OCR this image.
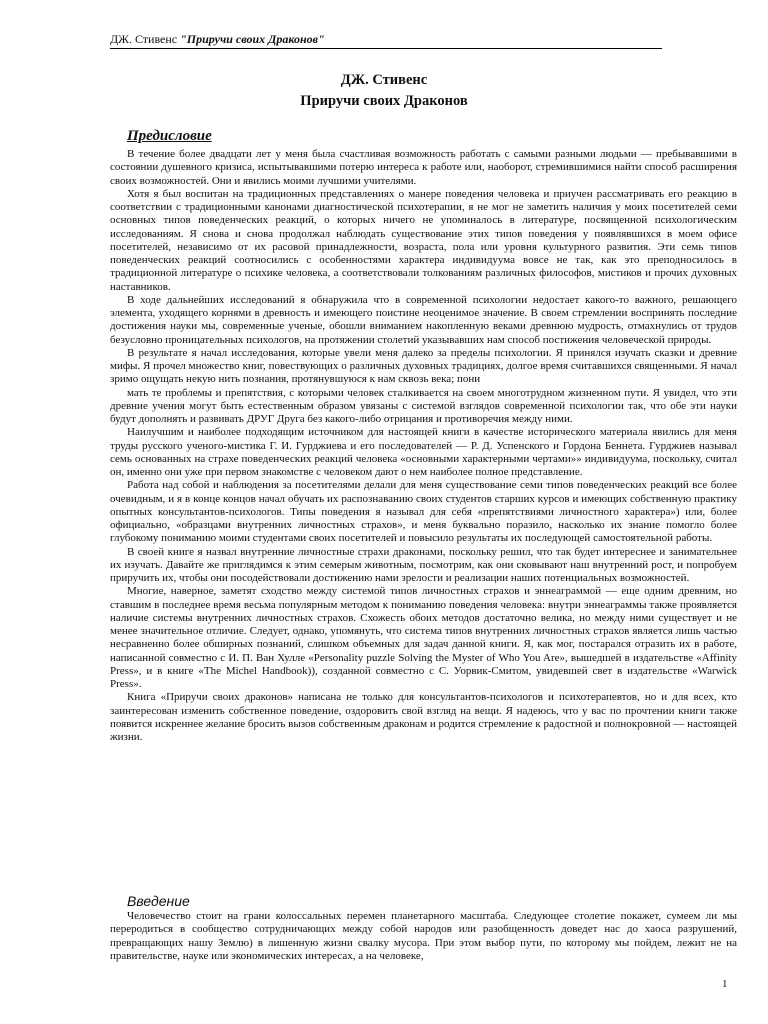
ДЖ. Стивенс "Приручи своих Драконов"
ДЖ. Стивенс
Приручи своих Драконов
Предисловие

В течение более двадцати лет у меня была счастливая возможность работать с самыми разными людьми — пребывавшими в состоянии душевного кризиса, испытывавшими потерю интереса к работе или, наоборот, стремившимися найти способ расширения своих возможностей. Они и явились моими лучшими учителями.

Хотя я был воспитан на традиционных представлениях о манере поведения человека и приучен рассматривать его реакцию в соответствии с традиционными канонами диагностической психотерапии, я не мог не заметить наличия у моих посетителей семи основных типов поведенческих реакций, о которых ничего не упоминалось в литературе, посвященной психологическим исследованиям. Я снова и снова продолжал наблюдать существование этих типов поведения у появлявшихся в моем офисе посетителей, независимо от их расовой принадлежности, возраста, пола или уровня культурного развития. Эти семь типов поведенческих реакций соотносились с особенностями характера индивидуума вовсе не так, как это преподносилось в традиционной литературе о психике человека, а соответствовали толкованиям различных философов, мистиков и прочих духовных наставников.

В ходе дальнейших исследований я обнаружила что в современной психологии недостает какого-то важного, решающего элемента, уходящего корнями в древность и имеющего поистине неоценимое значение. В своем стремлении воспринять последние достижения науки мы, современные ученые, обошли вниманием накопленную веками древнюю мудрость, отмахнулись от трудов безусловно проницательных психологов, на протяжении столетий указывавших нам способ постижения человеческой природы.

В результате я начал исследования, которые увели меня далеко за пределы психологии. Я принялся изучать сказки и древние мифы. Я прочел множество книг, повествующих о различных духовных традициях, долгое время считавшихся священными. Я начал зримо ощущать некую нить познания, протянувшуюся к нам сквозь века; пони

мать те проблемы и препятствия, с которыми человек сталкивается на своем многотрудном жизненном пути. Я увидел, что эти древние учения могут быть естественным образом увязаны с системой взглядов современной психологии так, что обе эти науки будут дополнять и развивать ДРУГ Друга без какого-либо отрицания и противоречия между ними.

Наилучшим и наиболее подходящим источником для настоящей книги в качестве исторического материала явились для меня труды русского ученого-мистика Г. И. Гурджиева и его последователей — Р. Д. Успенского и Гордона Беннета. Гурджиев называл семь основанных на страхе поведенческих реакций человека «основными характерными чертами»» индивидуума, поскольку, считал он, именно они уже при первом знакомстве с человеком дают о нем наиболее полное представление.

Работа над собой и наблюдения за посетителями делали для меня существование семи типов поведенческих реакций все более очевидным, и я в конце концов начал обучать их распознаванию своих студентов старших курсов и имеющих собственную практику опытных консультантов-психологов. Типы поведения я называл для себя «препятствиями личностного характера») или, более официально, «образцами внутренних личностных страхов», и меня буквально поразило, насколько их знание помогло более глубокому пониманию моими студентами своих посетителей и повысило результаты их последующей самостоятельной работы.

В своей книге я назвал внутренние личностные страхи драконами, поскольку решил, что так будет интереснее и занимательнее их изучать. Давайте же приглядимся к этим семерым животным, посмотрим, как они сковывают наш внутренний рост, и попробуем приручить их, чтобы они посодействовали достижению нами зрелости и реализации наших потенциальных возможностей.

Многие, наверное, заметят сходство между системой типов личностных страхов и эннеаграммой — еще одним древним, но ставшим в последнее время весьма популярным методом к пониманию поведения человека: внутри эннеаграммы также проявляется наличие системы внутренних личностных страхов. Схожесть обоих методов достаточно велика, но между ними существует и не менее значительное отличие. Следует, однако, упомянуть, что система типов внутренних личностных страхов является лишь частью несравненно более обширных познаний, слишком объемных для задач данной книги. Я, как мог, постарался отразить их в работе, написанной совместно с И. П. Ван Хулле «Personality puzzle Solving the Myster of Who You Are», вышедшей в издательстве «Affinity Press», и в книге «The Michel Handbook)), созданной совместно с С. Уорвик-Смитом, увидевшей свет в издательстве «Warwick Press».

Книга «Приручи своих драконов» написана не только для консультантов-психологов и психотерапевтов, но и для всех, кто заинтересован изменить собственное поведение, оздоровить свой взгляд на вещи. Я надеюсь, что у вас по прочтении книги также появится искреннее желание бросить вызов собственным драконам и родится стремление к радостной и полнокровной — настоящей жизни.

Введение

Человечество стоит на грани колоссальных перемен планетарного масштаба. Следующее столетие покажет, сумеем ли мы переродиться в сообщество сотрудничающих между собой народов или разобщенность доведет нас до хаоса разрушений, превращающих нашу Землю) в лишенную жизни свалку мусора. При этом выбор пути, по которому мы пойдем, лежит не на правительстве, науке или экономических интересах, а на человеке,

1
